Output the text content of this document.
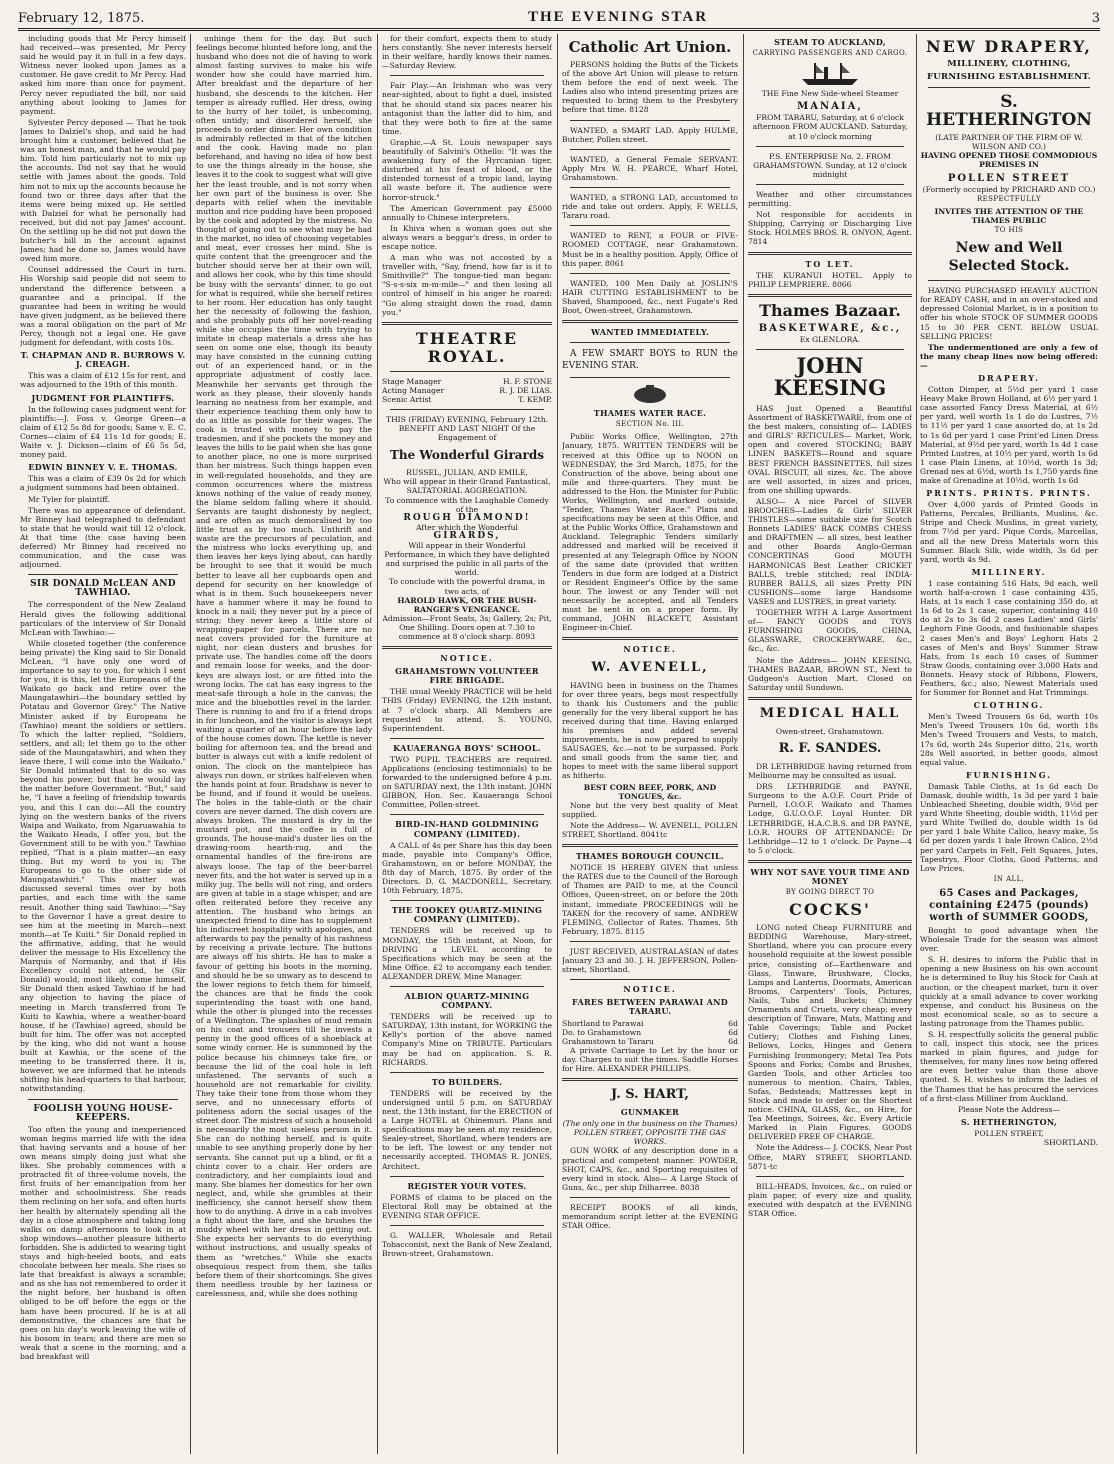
February 12, 1875.	THE EVENING STAR	3

including goods that Mr Percy himself had received—was presented, Mr Percy said he would pay it in full in a few days. Witness never looked upon James as a customer. He gave credit to Mr Percy. Had asked him more than once for payment. Percy never repudiated the bill, nor said anything about looking to James for payment.

Sylvester Percy deposed — That he took James to Dalziel's shop, and said he had brought him a customer, believed that he was an honest man, and that he would pay him. Told him particularly not to mix up the accounts. Did not say that he would settle with James about the goods. Told him not to mix up the accounts because he found two or three days after that the items were being mixed up. He settled with Dalziel for what he personally had received, but did not pay James' account. On the settling up he did not put down the butcher's bill in the account against James; had he done so, James would have owed him more.

Counsel addressed the Court in turn. His Worship said people did not seem to understand the difference between a guarantee and a principal. If the guarantee had been in writing he would have given judgment, as he believed there was a moral obligation on the part of Mr Percy, though not a legal one. He gave judgment for defendant, with costs 10s.

T. CHAPMAN AND R. BURROWS V. J. CREAGH.

This was a claim of £12 15s for rent, and was adjourned to the 19th of this month.

JUDGMENT FOR PLAINTIFFS.

In the following cases judgment went for plaintiffs:—J. Foss v. George Green—a claim of £12 5s 8d for goods; Same v. E. C. Cornes—claim of £4 11s 1d for goods; E. Waite v. J. Dickson—claim of £6 5s 5d, money paid.

EDWIN BINNEY V. E. THOMAS.

This was a claim of £39 0s 2d for which a judgment summons had been obtained.

Mr Tyler for plaintiff.

There was no appearance of defendant. Mr Binney had telegraphed to defendant to state that he would wait till 12 o'clock. At that time (the case having been deferred) Mr Binney had received no communication, and the case was adjourned.

SIR DONALD McLEAN AND TAWHIAO.

The correspondent of the New Zealand Herald gives the following additional particulars of the interview of Sir Donald McLean with Tawhiao:—

While closeted together (the conference being private) the King said to Sir Donald McLean, "I have only one word of importance to say to you, for which I sent for you, it is this, let the Europeans of the Waikato go back and retire over the Maungatawhiri—the boundary settled by Potatau and Governor Grey." The Native Minister asked if by Europeans he (Tawhiao) meant the soldiers or settlers. To which the latter replied, "Soldiers, settlers, and all; let them go to the other side of the Maungatawhiri, and when they leave there, I will come into the Waikato." Sir Donald intimated that to do so was beyond his power, but that he would lay the matter before Government. "But," said he, "I have a feeling of friendship towards you, and this I can do:—All the country lying on the western banks of the rivers Waipa and Waikato, from Ngaruawahia to the Waikato Heads, I offer you, but the Government still to be with you." Tawhiao replied, "That is a plain matter—an easy thing. But my word to you is; The Europeans to go to the other side of Maungatawhiri." This matter was discussed several times over by both parties, and each time with the same result. Another thing said Tawhiao:—"Say to the Governor I have a great desire to see him at the meeting in March—next month—at Te Kuiti." Sir Donald replied in the affirmative, adding, that he would deliver the message to His Excellency the Marquis of Normanby, and that if His Excellency could not attend, he (Sir Donald) would, most likely, come himself. Sir Donald then asked Tawhiao if he had any objection to having the place of meeting in March transferred from Te Kuiti to Kawhia, where a weather-board house, if he (Tawhiao) agreed, should be built for him. The offer was not accepted by the king, who did not want a house built at Kawhia, or the scene of the meeting to be transferred there. It is, however, we are informed that he intends shifting his head-quarters to that harbour, notwithstanding.

FOOLISH YOUNG HOUSE-KEEPERS.

Too often the young and inexperienced woman begins married life with the idea that having servants and a house of her own means simply doing just what she likes. She probably commences with a protracted fit of three-volume novels, the first fruits of her emancipation from her mother and schoolmistress. She reads them reclining on her sofa, and often hurts her health by alternately spending all the day in a close atmosphere and taking long walks on damp afternoons to look in at shop windows—another pleasure hitherto forbidden. She is addicted to wearing tight stays and high-heeled boots, and eats chocolate between her meals. She rises so late that breakfast is always a scramble; and as she has not remembered to order it the night before, her husband is often obliged to be off before the eggs or the ham have been procured. If he is at all demonstrative, the chances are that he goes on his day's work leaving the wife of his bosom in tears; and there are men so weak that a scene in the morning, and a bad breakfast will

unhinge them for the day. But such feelings become blunted before long, and the husband who does not die of having to work almost fasting survives to make his wife wonder how she could have married him. After breakfast and the departure of her husband, she descends to the kitchen. Her temper is already ruffled. Her dress, owing to the hurry of her toilet, is unbecoming, often untidy; and disordered herself, she proceeds to order dinner. Her own condition is admirably reflected in that of the kitchen and the cook. Having made no plan beforehand, and having no idea of how best to use the things already in the house, she leaves it to the cook to suggest what will give her the least trouble, and is not sorry when her own part of the business is over. She departs with relief when the inevitable mutton and rice pudding have been proposed by the cook and adopted by the mistress. No thought of going out to see what may be had in the market, no idea of choosing vegetables and meat, ever crosses her mind. She is quite content that the greengrocer and the butcher should serve her at their own will, and allows her cook, who by this time should be busy with the servants' dinner, to go out for what is required, while she herself retires to her room. Her education has only taught her the necessity of following the fashion, and she probably puts off her novel-reading while she occupies the time with trying to imitate in cheap materials a dress she has seen on some one else, though its beauty may have consisted in the cunning cutting out of an experienced hand, or in the appropriate adjustment of costly lace. Meanwhile her servants get through the work as they please, their slovenly hands learning no neatness from her example, and their experience teaching them only how to do as little as possible for their wages. The cook is trusted with money to pay the tradesmen, and if she pockets the money and leaves the bills to be paid when she has gone to another place, no one is more surprised than her mistress. Such things happen even in well-regulated households, and they are common occurrences where the mistress knows nothing of the value of ready money, the blame seldom falling where it should. Servants are taught dishonesty by neglect, and are often as much demoralised by too little trust as by too much. Unthrift and waste are the precursors of peculation, and the mistress who locks everything up, and then leaves her keys lying about, can hardly be brought to see that it would be much better to leave all her cupboards open and depend for security on her knowledge of what is in them. Such housekeepers never have a hammer where it may be found to knock in a nail; they never put by a piece of string; they never keep a little store of wrapping-paper for parcels. There are no neat covers provided for the furniture at night, nor clean dusters and brushes for private use. The handles come off the doors and remain loose for weeks, and the door-keys are always lost, or are fitted into the wrong locks. The cat has easy ingress to the meat-safe through a hole in the canvas; the mice and the bluebottles revel in the larder. There is running to and fro if a friend drops in for luncheon, and the visitor is always kept waiting a quarter of an hour before the lady of the house comes down. The kettle is never boiling for afternoon tea, and the bread and butter is always cut with a knife redolent of onion. The clock on the mantelpiece has always run down, or strikes half-eleven when the hands point at four. Bradshaw is never to be found, and if found it would be useless. The holes in the table-cloth or the chair covers are never darned. The dish covers are always broken. The mustard is dry in the mustard pot, and the coffee is full of grounds. The house-maid's duster lies on the drawing-room hearth-rug, and the ornamental handles of the fire-irons are always loose. The tap of the beer-barrel never fits, and the hot water is served up in a milky jug. The bells will not ring, and orders are given at table in a stage whisper, and are often reiterated before they receive any attention. The husband who brings an unexpected friend to dine has to supplement his indiscreet hospitality with apologies, and afterwards to pay the penalty of his rashness by receiving a private lecture. The buttons are always off his shirts. He has to make a favour of getting his boots in the morning, and should he be so unwary as to descend to the lower regions to fetch them for himself, the chances are that he finds the cook superintending the toast with one hand, while the other is plunged into the recesses of a Wellington. The splashes of mud remain on his coat and trousers till he invests a penny in the good offices of a shoeblack at some windy corner. He is summoned by the police because his chimneys take fire, or because the lid of the coal hole is left unfastened. The servants of such a household are not remarkable for civility. They take their tone from those whom they serve, and no unnecessary efforts of politeness adorn the social usages of the street door. The mistress of such a household is necessarily the most useless person in it. She can do nothing herself, and is quite unable to see anything properly done by her servants. She cannot put up a blind, or fit a chintz cover to a chair. Her orders are contradictory, and her complaints loud and many. She blames her domestics for her own neglect, and, while she grumbles at their inefficiency, she cannot herself show them how to do anything. A drive in a cab involves a fight about the fare, and she brushes the muddy wheel with her dress in getting out. She expects her servants to do everything without instructions, and usually speaks of them as "wretches." While she exacts obsequious respect from them, she talks before them of their shortcomings. She gives them needless trouble by her laziness or carelessness, and, while she does nothing

for their comfort, expects them to study hers constantly. She never interests herself in their welfare, hardly knows their names.—Saturday Review.

Fair Play.—An Irishman who was very near-sighted, about to fight a duel, insisted that he should stand six paces nearer his antagonist than the latter did to him, and that they were both to fire at the same time.

Graphic.—A St. Louis newspaper says beautifully of Salvini's Othello: "It was the awakening fury of the Hyrcanian tiger, disturbed at his feast of blood, or the distended tornesst of a tropic land, laying all waste before it. The audience were horror-struck."

The American Government pay £5000 annually to Chinese interpreters.

In Khiva when a woman goes out she always wears a beggar's dress, in order to escape notice.

A man who was not accosted by a traveller with, "Say, friend, how far is it to Smithville?" The tongue-tied man began: "S-s-s-six m-m-mile—" and then losing all control of himself in his anger he roared: "Go along straight down the road, damn you."

THEATRE ROYAL.
Stage Manager	H. F. STONE
Acting Manager	R. J. DE LIAS.
Scenic Artist	T. KEMP.
THIS (FRIDAY) EVENING, February 12th.
BENEFIT AND LAST NIGHT Of the Engagement of
The Wonderful Girards
RUSSEL, JULIAN, AND EMILE,
Who will appear in their Grand Fantastical, SALTATORIAL AGGREGATION.
To commence with the Laughable Comedy of the
ROUGH DIAMOND!
After which the Wonderful
GIRARDS,
Will appear in their Wonderful Performance, in which they have delighted and surprised the public in all parts of the world.
To conclude with the powerful drama, in two acts, of
HAROLD HAWK, OR THE BUSH-RANGER'S VENGEANCE.
Admission—Front Seats, 3s; Gallery, 2s; Pit, One Shilling. Doors open at 7.30 to commence at 8 o'clock sharp. 8093
NOTICE.
GRAHAMSTOWN VOLUNTEER FIRE BRIGADE.

THE usual Weekly PRACTICE will be held THIS (Friday) EVENING, the 12th instant, at 7 o'clock sharp. All Members are requested to attend. S. YOUNG, Superintendent.

KAUAERANGA BOYS' SCHOOL.

TWO PUPIL TEACHERS are required. Applications (enclosing testimonials) to be forwarded to the undersigned before 4 p.m. on SATURDAY next, the 13th instant. JOHN GIBBON, Hon. Sec. Kauaeranga School Committee, Pollen-street.

BIRD-IN-HAND GOLDMINING COMPANY (LIMITED).

A CALL of 4s per Share has this day been made, payable into Company's Office, Grahamstown, on or before MONDAY, the 8th day of March, 1875. By order of the Directors. D. G. MACDONELL, Secretary. 10th February, 1875.

THE TOOKEY QUARTZ-MINING COMPANY (LIMITED).

TENDERS will be received up to MONDAY, the 15th instant, at Noon, for DRIVING a LEVEL according to Specifications which may be seen at the Mine Office. £2 to accompany each tender. ALEXANDER DREW, Mine Manager.

ALBION QUARTZ-MINING COMPANY.

TENDERS will be received up to SATURDAY, 13th instant, for WORKING the Kelly's portion of the above named Company's Mine on TRIBUTE. Particulars may be had on application. S. R. RICHARDS.

TO BUILDERS.

TENDERS will be received by the undersigned until 5 p.m. on SATURDAY next, the 13th instant, for the ERECTION of a Large HOTEL at Ohinemuri. Plans and specifications may be seen at my residence, Sealey-street, Shortland, where tenders are to be left. The lowest or any tender not necessarily accepted. THOMAS R. JONES, Architect.

REGISTER YOUR VOTES.

FORMS of claims to be placed on the Electoral Roll may be obtained at the EVENING STAR OFFICE.

G. WALLER, Wholesale and Retail Tobacconist, next the Bank of New Zealand, Brown-street, Grahamstown.

Catholic Art Union.

PERSONS holding the Butts of the Tickets of the above Art Union will please to return them before the end of next week. The Ladies also who intend presenting prizes are requested to bring them to the Presbytery before that time. 8128

WANTED, a SMART LAD. Apply HULME, Butcher, Pollen street.

WANTED, a General Female SERVANT. Apply Mrs W. H. PEARCE, Wharf Hotel, Grahamstown.

WANTED, a STRONG LAD, accustomed to ride and take out orders. Apply, F. WELLS, Tararu road.

WANTED to RENT, a FOUR or FIVE-ROOMED COTTAGE, near Grahamstown. Must be in a healthy position. Apply, Office of this paper. 8061

WANTED, 100 Men Daily at JOSLIN'S HAIR CUTTING ESTABLISHMENT to be Shaved, Shampooed, &c., next Fugate's Red Boot, Owen-street, Grahamstown.

WANTED IMMEDIATELY.

A FEW SMART BOYS to RUN the EVENING STAR.

THAMES WATER RACE.
SECTION No. III.

Public Works Office, Wellington, 27th January, 1875. WRITTEN TENDERS will be received at this Office up to NOON on WEDNESDAY, the 3rd March, 1875, for the Construction of the above, being about one mile and three-quarters. They must be addressed to the Hon. the Minister for Public Works, Wellington, and marked outside, "Tender, Thames Water Race." Plans and specifications may be seen at this Office, and at the Public Works Office, Grahamstown and Auckland. Telegraphic Tenders similarly addressed and marked will be received if presented at any Telegraph Office by NOON of the same date (provided that written Tenders in due form are lodged at a District or Resident Engineer's Office by the same hour. The lowest or any Tender will not necessarily be accepted, and all Tenders must be sent in on a proper form. By command, JOHN BLACKETT, Assistant Engineer-in-Chief.

NOTICE.
W. AVENELL,

HAVING been in business on the Thames for over three years, begs most respectfully to thank his Customers and the public generally for the very liberal support he has received during that time. Having enlarged his premises and added several improvements, he is now prepared to supply SAUSAGES, &c.—not to be surpassed. Pork and small goods from the same tier, and hopes to meet with the same liberal support as hitherto.

BEST CORN BEEF, PORK, AND TONGUES, &c.

None but the very best quality of Meat supplied.

Note the Address— W. AVENELL, POLLEN STREET, Shortland. 8041tc

THAMES BOROUGH COUNCIL.

NOTICE IS HEREBY GIVEN that unless the RATES due to the Council of the Borough of Thames are PAID to me, at the Council Offices, Queen-street, on or before the 20th instant, immediate PROCEEDINGS will be TAKEN for the recovery of same. ANDREW FLEMING, Collector of Rates. Thames, 5th February, 1875. 8115

JUST RECEIVED, AUSTRALASIAN of dates January 23 and 30. J. H. JEFFERSON, Pollen-street, Shortland.

NOTICE.
FARES BETWEEN PARAWAI AND TARARU.
Shortland to Parawai	6d
Do. to Grahamstown	6d
Grahamstown to Tararu	6d

A private Carriage to Let by the hour or day. Charges to suit the times. Saddle Horses for Hire. ALEXANDER PHILLIPS.

J. S. HART,
GUNMAKER
(The only one in the business on the Thames) POLLEN STREET, OPPOSITE THE GAS WORKS.

GUN WORK of any description done in a practical and competent manner. POWDER, SHOT, CAPS, &c., and Sporting requisites of every kind in stock. Also— A Large Stock of Guns, &c., per ship Dilharree. 8038

RECEIPT BOOKS of all kinds, memorandum script letter at the EVENING STAR Office.

STEAM TO AUCKLAND,
CARRYING PASSENGERS AND CARGO.
THE Fine New Side-wheel Steamer
MANAIA,
FROM TARARU, Saturday, at 6 o'clock afternoon FROM AUCKLAND. Saturday, at 10 o'clock morning
P.S. ENTERPRISE No. 2. FROM GRAHAMSTOWN. Sunday, at 12 o'clock midnight

Weather and other circumstances permitting.

Not responsible for accidents in Shipping, Carrying or Discharging Live Stock. HOLMES BROS. R. ONYON, Agent. 7814

TO LET.

THE KURANUI HOTEL. Apply to PHILIP LEMPRIERE. 8066

Thames Bazaar.
BASKETWARE, &c.,
Ex GLENLORA.
JOHN KEESING

HAS Just Opened a Beautiful Assortment of BASKETWARE, from one of the best makers, consisting of— LADIES and GIRLS' RETICULES— Market, Work, open and covered STOCKING; BABY LINEN BASKETS—Round and square BEST FRENCH BASSINETTES, full sizes OVAL BISCUIT, all sizes, &c. The above are well assorted, in sizes and prices, from one shilling upwards.

ALSO— A nice Parcel of SILVER BROOCHES—Ladies & Girls' SILVER THISTLES—some suitable size for Scotch Bonnets LADIES' BACK COMBS CHESS and DRAFTMEN — all sizes, best leather and other Boards Anglo-German CONCERTINAS Good MOUTH HARMONICAS Best Leather CRICKET BALLS, treble stitched; real INDIA-RUBBER BALLS, all sizes Pretty PIN CUSHIONS—some large Handsome VASES and LUSTRES, in great variety.

TOGETHER WITH A Large Assortment of— FANCY GOODS and TOYS FURNISHING GOODS, CHINA, GLASSWARE, CROCKERYWARE, &c., &c., &c.

Note the Address— JOHN KEESING, THAMES BAZAAR, BROWN ST., Next to Gudgeon's Auction Mart. Closed on Saturday until Sundown.

MEDICAL HALL
Owen-street, Grahamstown.
R. F. SANDES.

DR LETHBRIDGE having returned from Melbourne may be consulted as usual.

DRS LETHBRIDGE and PAYNE, Surgeons to the A.O.F. Court Pride of Parnell, I.O.O.F. Waikato and Thames Lodge, G.U.O.O.F. Loyal Hunter. DR LETHBRIDGE, H.A.C.B.S. and DR PAYNE, I.O.R. HOURS OF ATTENDANCE: Dr Lethbridge—12 to 1 o'clock. Dr Payne—4 to 5 o'clock.

WHY NOT SAVE YOUR TIME AND MONEY
BY GOING DIRECT TO
COCKS'

LONG noted Cheap FURNITURE and BEDDING Warehouse, Mary-street, Shortland, where you can procure every household requisite at the lowest possible price, consisting of—Earthenware and Glass, Tinware, Brushware, Clocks, Lamps and Lanterns, Doormats, American Brooms, Carpenters' Tools, Pictures, Nails, Tubs and Buckets; Chimney Ornaments and Cruets, very cheap; every description of Tinware, Mats, Matting and Table Coverings; Table and Pocket Cutlery; Clothes and Fishing Lines, Bellows, Locks, Hinges and Genera Furnishing Ironmongery; Metal Tea Pots Spoons and Forks; Combs and Brushes, Garden Tools, and other Articles too numerous to mention. Chairs, Tables, Sofas, Bedsteads; Mattresses kept in Stock and made to order on the Shortest notice. CHINA, GLASS, &c., on Hire, for Tea Meetings, Soirees, &c. Every Article Marked in Plain Figures. GOODS DELIVERED FREE OF CHARGE.

Note the Address— J. COCKS, Near Post Office, MARY STREET, SHORTLAND. 5871-tc

BILL-HEADS, Invoices, &c., on ruled or plain paper, of every size and quality, executed with despatch at the EVENING STAR Office.

NEW DRAPERY,
MILLINERY, CLOTHING,
FURNISHING ESTABLISHMENT.
S. HETHERINGTON
(LATE PARTNER OF THE FIRM OF W. WILSON AND CO.)
HAVING OPENED THOSE COMMODIOUS PREMISES IN
POLLEN STREET
(Formerly occupied by PRICHARD AND CO.)
RESPECTFULLY
INVITES THE ATTENTION OF THE THAMES PUBLIC
TO HIS
New and Well Selected Stock.

HAVING PURCHASED HEAVILY AUCTION for READY CASH, and in an over-stocked and depressed Colonial Market, is in a position to offer his whole STOCK OF SUMMER GOODS 15 to 30 PER CENT. BELOW USUAL SELLING PRICES!

The undermentioned are only a few of the many cheap lines now being offered:—

DRAPERY.

Cotton Dimper, at 5½d per yard 1 case Heavy Make Brown Holland, at 6½ per yard 1 case assorted Fancy Dress Material, at 6½ per yard, well worth 1s 1 do do Lustres, 7½ to 11½ per yard 1 case assorted do, at 1s 2d to 1s 6d per yard 1 case Print'ed Linen Dress Material, at 9½d per yard, worth 1s 4d 1 case Printed Lustres, at 10½ per yard, worth 1s 6d 1 case Plain Linens, at 10½d, worth 1s 3d; Grenad nes at 6½d, worth 1s 1,750 yards fine make of Grenadine at 10½d, worth 1s 6d

PRINTS. PRINTS. PRINTS.

Over 4,000 yards of Printed Goods in Patterns, Percales, Brilliants, Muslins, &c. Stripe and Check Muslins, in great variety, from 7½d per yard. Pique Cords, Marcellas, and all the new Dress Materials worn this Summer. Black Silk, wide width, 3s 6d per yard, worth 4s 9d.

MILLINERY.

1 case containing 516 Hats, 9d each, well worth half-a-crown 1 case containing 435, Hats, at 1s each 1 case containing 350 do, at 1s 6d to 2s 1 case, superior, containing 410 do at 2s to 3s 6d 2 cases Ladies' and Girls' Leghorn Fine Goods, and fashionable shapes 2 cases Men's and Boys' Leghorn Hats 2 cases of Men's and Boys' Summer Straw Hats, from 1s each 10 cases of Summer Straw Goods, containing over 3,000 Hats and Bonnets. Heavy stock of Ribbons, Flowers, Feathers, &c.; also, Newest Materials used for Summer for Bonnet and Hat Trimmings.

CLOTHING.

Men's Tweed Trousers 6s 6d, worth 10s Men's Tweed Trousers 10s 6d, worth 18s Men's Tweed Trousers and Vests, to match, 17s 6d, worth 24s Superior ditto, 21s, worth 28s Well assorted, in better goods, almost equal value.

FURNISHING.

Damask Table Cloths, at 1s 6d each Do Damask, double width, 1s 3d per yard 1 bale Unbleached Sheeting, double width, 9½d per yard White Sheeting, double width, 11½d per yard White Twilled do, double width 1s 6d per yard 1 bale White Calico, heavy make, 5s 6d per dozen yards 1 bale Brown Calico, 2½d per yard Carpets in Felt, Felt Squares, Jutes, Tapestrys, Floor Cloths, Good Patterns, and Low Prices.

IN ALL,
65 Cases and Packages, containing £2475 (pounds) worth of SUMMER GOODS,

Bought to good advantage when the Wholesale Trade for the season was almost over.

S. H. desires to inform the Public that in opening a new Business on his own account he is determined to Buy his Stock for Cash at auction, or the cheapest market, turn it over quickly at a small advance to cover working expense, and conduct his Business on the most economical scale, so as to secure a lasting patronage from the Thames public.

S. H. respectfully solicits the general public to call, inspect this stock, see the prices marked in plain figures, and judge for themselves, for many lines now being offered are even better value than those above quoted. S. H. wishes to inform the ladies of the Thames that he has procured the services of a first-class Milliner from Auckland.

Please Note the Address—
S. HETHERINGTON,
POLLEN STREET,
SHORTLAND.
